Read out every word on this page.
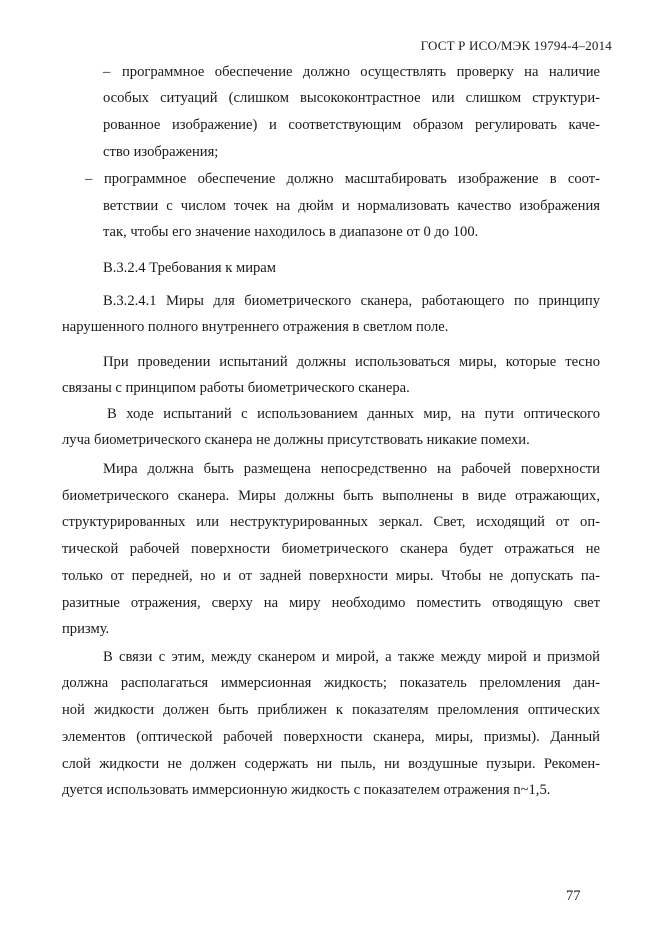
ГОСТ Р ИСО/МЭК 19794-4–2014
– программное обеспечение должно осуществлять проверку на наличие
особых ситуаций (слишком высококонтрастное или слишком структури-
рованное изображение) и соответствующим образом регулировать каче-
ство изображения;
– программное обеспечение должно масштабировать изображение в соот-
ветствии с числом точек на дюйм и нормализовать качество изображения
так, чтобы его значение находилось в диапазоне от 0 до 100.
В.3.2.4 Требования к мирам
В.3.2.4.1 Миры для биометрического сканера, работающего по принципу
нарушенного полного внутреннего отражения в светлом поле.
При проведении испытаний должны использоваться миры, которые тесно
связаны с принципом работы биометрического сканера.
В ходе испытаний с использованием данных мир, на пути оптического
луча биометрического сканера не должны присутствовать никакие помехи.
Мира должна быть размещена непосредственно на рабочей поверхности
биометрического сканера. Миры должны быть выполнены в виде отражающих,
структурированных или неструктурированных зеркал. Свет, исходящий от оп-
тической рабочей поверхности биометрического сканера будет отражаться не
только от передней, но и от задней поверхности миры. Чтобы не допускать па-
разитные отражения, сверху на миру необходимо поместить отводящую свет
призму.
В связи с этим, между сканером и мирой, а также между мирой и призмой
должна располагаться иммерсионная жидкость; показатель преломления дан-
ной жидкости должен быть приближен к показателям преломления оптических
элементов (оптической рабочей поверхности сканера, миры, призмы). Данный
слой жидкости не должен содержать ни пыль, ни воздушные пузыри. Рекомен-
дуется использовать иммерсионную жидкость с показателем отражения n~1,5.
77
